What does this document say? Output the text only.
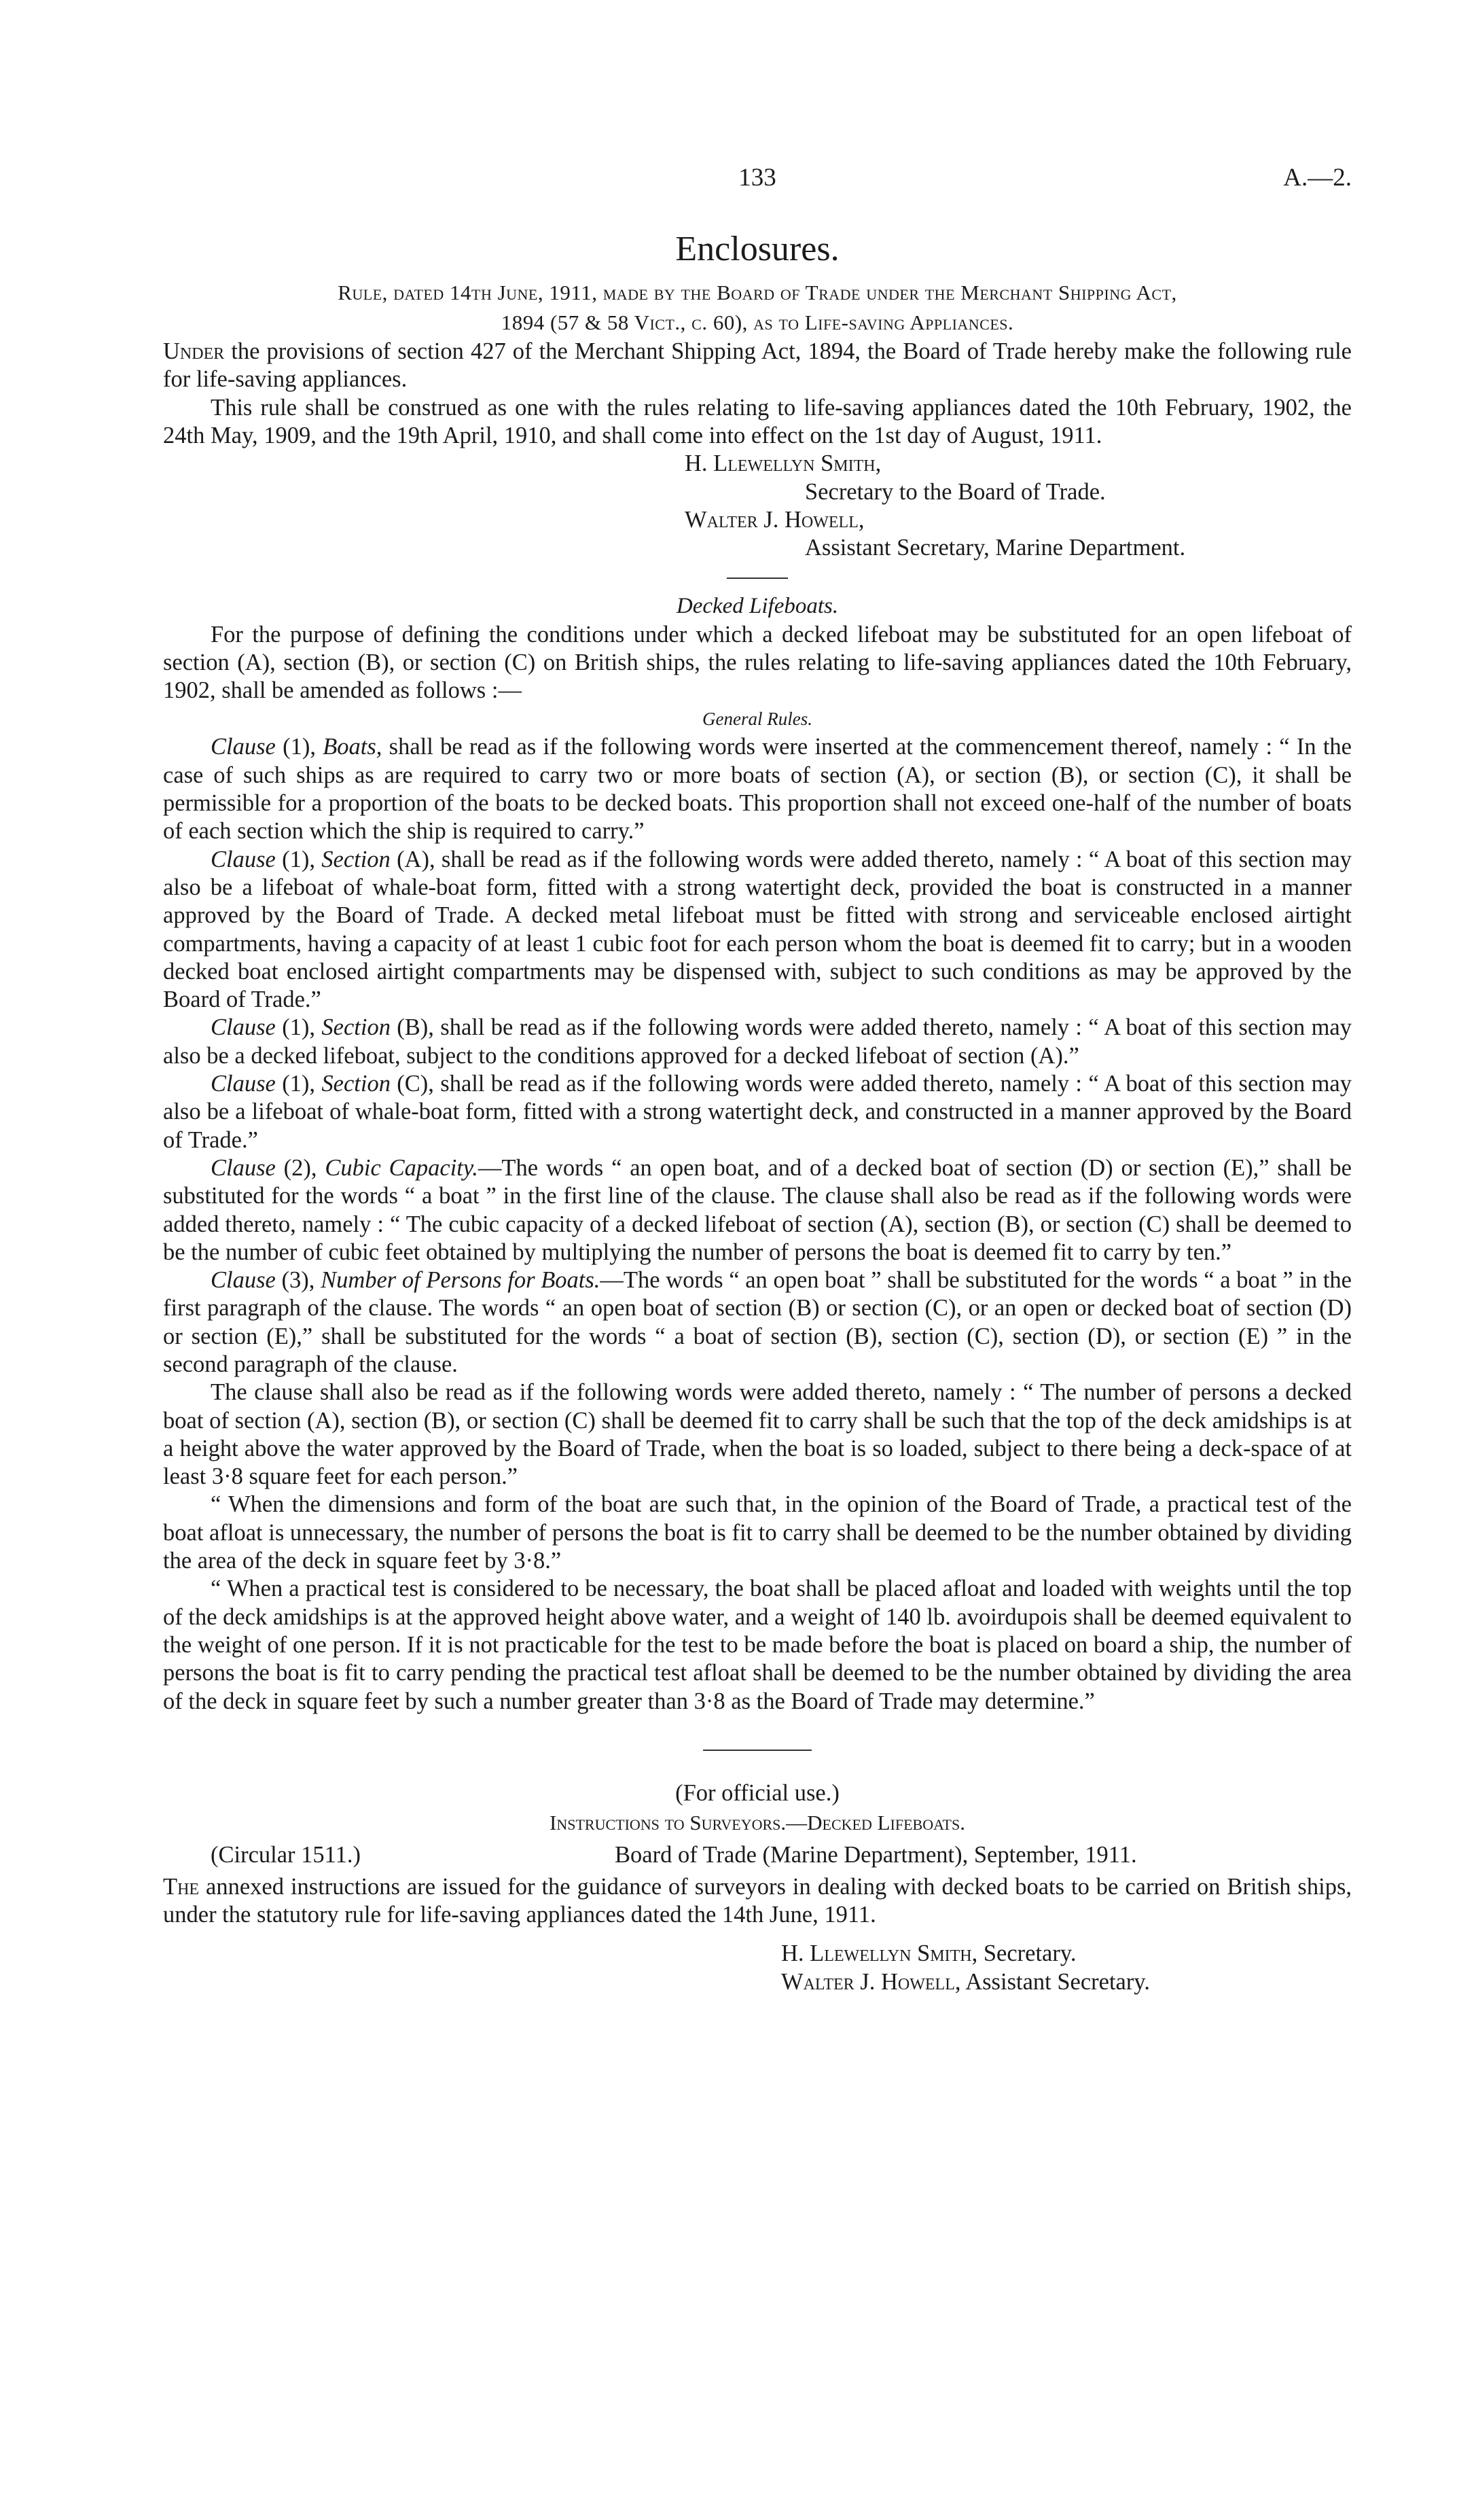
133	A.—2.
Enclosures.
Rule, dated 14th June, 1911, made by the Board of Trade under the Merchant Shipping Act,
1894 (57 & 58 Vict., c. 60), as to Life-saving Appliances.

Under the provisions of section 427 of the Merchant Shipping Act, 1894, the Board of Trade hereby make the following rule for life-saving appliances.

This rule shall be construed as one with the rules relating to life-saving appliances dated the 10th February, 1902, the 24th May, 1909, and the 19th April, 1910, and shall come into effect on the 1st day of August, 1911.

H. Llewellyn Smith,
Secretary to the Board of Trade.
Walter J. Howell,
Assistant Secretary, Marine Department.
Decked Lifeboats.

For the purpose of defining the conditions under which a decked lifeboat may be substituted for an open lifeboat of section (A), section (B), or section (C) on British ships, the rules relating to life-saving appliances dated the 10th February, 1902, shall be amended as follows :—

General Rules.

Clause (1), Boats, shall be read as if the following words were inserted at the commencement thereof, namely : “ In the case of such ships as are required to carry two or more boats of section (A), or section (B), or section (C), it shall be permissible for a proportion of the boats to be decked boats. This proportion shall not exceed one-half of the number of boats of each section which the ship is required to carry.”

Clause (1), Section (A), shall be read as if the following words were added thereto, namely : “ A boat of this section may also be a lifeboat of whale-boat form, fitted with a strong watertight deck, provided the boat is constructed in a manner approved by the Board of Trade. A decked metal lifeboat must be fitted with strong and serviceable enclosed airtight compartments, having a capacity of at least 1 cubic foot for each person whom the boat is deemed fit to carry; but in a wooden decked boat enclosed airtight compartments may be dispensed with, subject to such conditions as may be approved by the Board of Trade.”

Clause (1), Section (B), shall be read as if the following words were added thereto, namely : “ A boat of this section may also be a decked lifeboat, subject to the conditions approved for a decked lifeboat of section (A).”

Clause (1), Section (C), shall be read as if the following words were added thereto, namely : “ A boat of this section may also be a lifeboat of whale-boat form, fitted with a strong watertight deck, and constructed in a manner approved by the Board of Trade.”

Clause (2), Cubic Capacity.—The words “ an open boat, and of a decked boat of section (D) or section (E),” shall be substituted for the words “ a boat ” in the first line of the clause. The clause shall also be read as if the following words were added thereto, namely : “ The cubic capacity of a decked lifeboat of section (A), section (B), or section (C) shall be deemed to be the number of cubic feet obtained by multiplying the number of persons the boat is deemed fit to carry by ten.”

Clause (3), Number of Persons for Boats.—The words “ an open boat ” shall be substituted for the words “ a boat ” in the first paragraph of the clause. The words “ an open boat of section (B) or section (C), or an open or decked boat of section (D) or section (E),” shall be substituted for the words “ a boat of section (B), section (C), section (D), or section (E) ” in the second paragraph of the clause.

The clause shall also be read as if the following words were added thereto, namely : “ The number of persons a decked boat of section (A), section (B), or section (C) shall be deemed fit to carry shall be such that the top of the deck amidships is at a height above the water approved by the Board of Trade, when the boat is so loaded, subject to there being a deck-space of at least 3·8 square feet for each person.”

“ When the dimensions and form of the boat are such that, in the opinion of the Board of Trade, a practical test of the boat afloat is unnecessary, the number of persons the boat is fit to carry shall be deemed to be the number obtained by dividing the area of the deck in square feet by 3·8.”

“ When a practical test is considered to be necessary, the boat shall be placed afloat and loaded with weights until the top of the deck amidships is at the approved height above water, and a weight of 140 lb. avoirdupois shall be deemed equivalent to the weight of one person. If it is not practicable for the test to be made before the boat is placed on board a ship, the number of persons the boat is fit to carry pending the practical test afloat shall be deemed to be the number obtained by dividing the area of the deck in square feet by such a number greater than 3·8 as the Board of Trade may determine.”

(For official use.)
Instructions to Surveyors.—Decked Lifeboats.
(Circular 1511.)	Board of Trade (Marine Department), September, 1911.

The annexed instructions are issued for the guidance of surveyors in dealing with decked boats to be carried on British ships, under the statutory rule for life-saving appliances dated the 14th June, 1911.

H. Llewellyn Smith, Secretary.
Walter J. Howell, Assistant Secretary.
